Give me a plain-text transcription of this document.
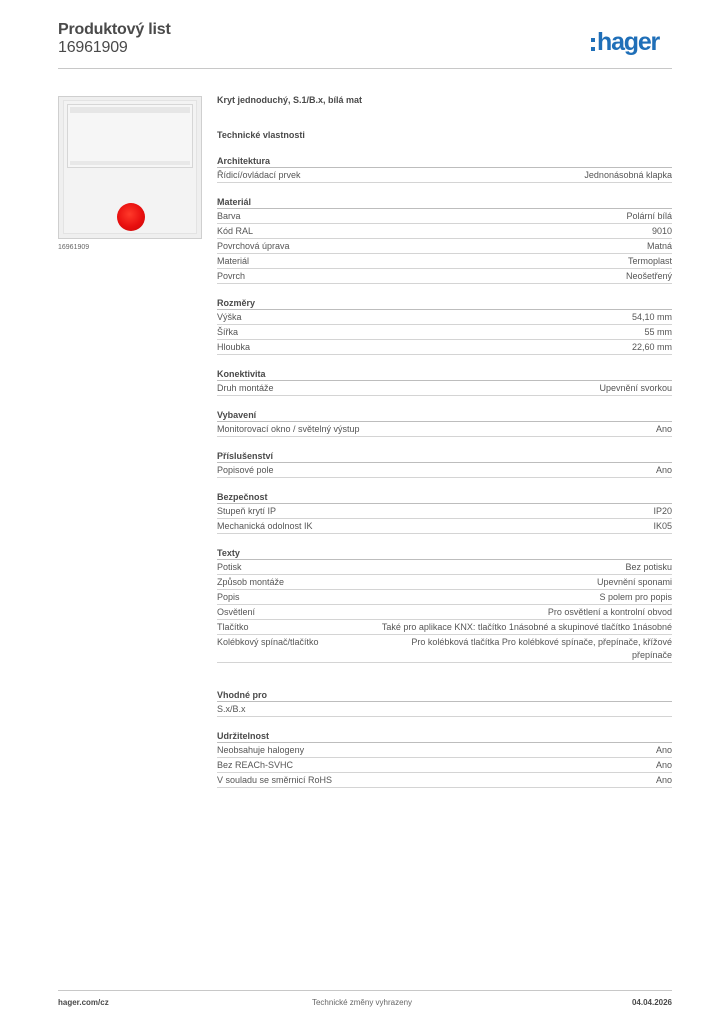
Produktový list
16961909	hager
16961909
Kryt jednoduchý, S.1/B.x, bílá mat
Technické vlastnosti
Architektura
Řídicí/ovládací prvek	Jednonásobná klapka
Materiál
Barva	Polární bílá
Kód RAL	9010
Povrchová úprava	Matná
Materiál	Termoplast
Povrch	Neošetřený
Rozměry
Výška	54,10 mm
Šířka	55 mm
Hloubka	22,60 mm
Konektivita
Druh montáže	Upevnění svorkou
Vybavení
Monitorovací okno / světelný výstup	Ano
Příslušenství
Popisové pole	Ano
Bezpečnost
Stupeň krytí IP	IP20
Mechanická odolnost IK	IK05
Texty
Potisk	Bez potisku
Způsob montáže	Upevnění sponami
Popis	S polem pro popis
Osvětlení	Pro osvětlení a kontrolní obvod
Tlačítko	Také pro aplikace KNX: tlačítko 1násobné a skupinové tlačítko 1násobné
Kolébkový spínač/tlačítko	Pro kolébková tlačítka Pro kolébkové spínače, přepínače, křížové přepínače
Vhodné pro
S.x/B.x
Udržitelnost
Neobsahuje halogeny	Ano
Bez REACh-SVHC	Ano
V souladu se směrnicí RoHS	Ano
hager.com/cz	Technické změny vyhrazeny	04.04.2026
